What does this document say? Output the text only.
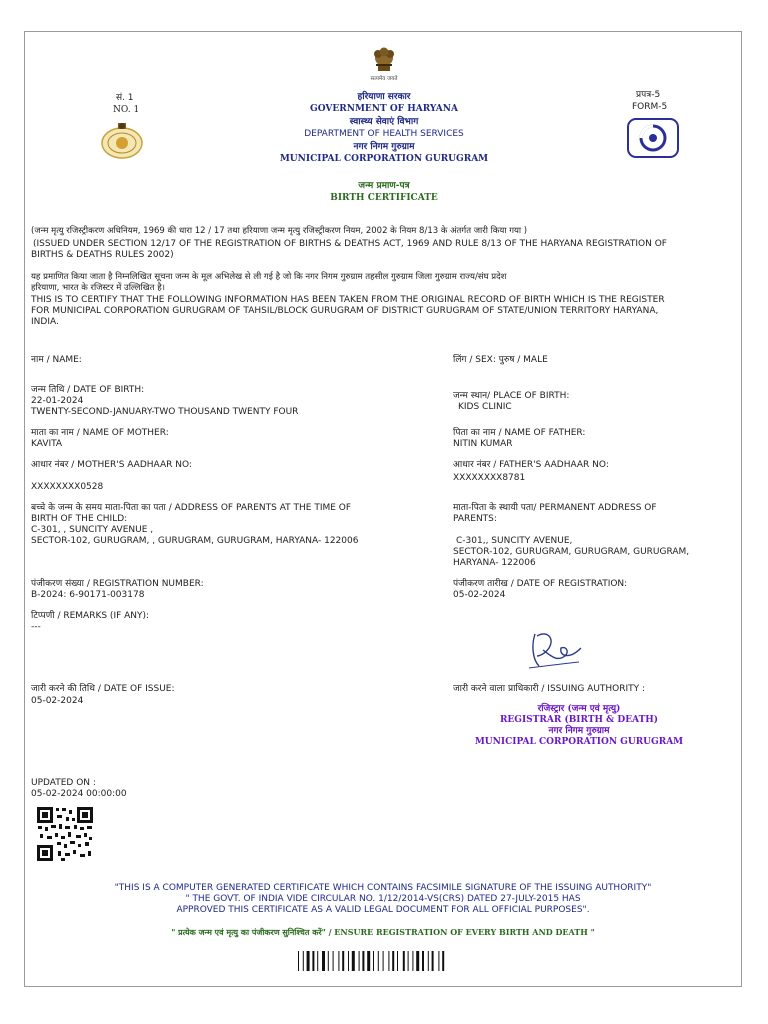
सत्यमेव जयते
सं. 1
NO. 1
हरियाणा सरकार
GOVERNMENT OF HARYANA
स्वास्थ्य सेवाएं विभाग
DEPARTMENT OF HEALTH SERVICES
नगर निगम गुरुग्राम
MUNICIPAL CORPORATION GURUGRAM
जन्म प्रमाण-पत्र
BIRTH CERTIFICATE
प्रपत्र-5
FORM-5
(जन्म मृत्यु रजिस्ट्रीकरण अधिनियम, 1969 की धारा 12 / 17 तथा हरियाणा जन्म मृत्यु रजिस्ट्रीकरण नियम, 2002 के नियम 8/13 के अंतर्गत जारी किया गया )
(ISSUED UNDER SECTION 12/17 OF THE REGISTRATION OF BIRTHS & DEATHS ACT, 1969 AND RULE 8/13 OF THE HARYANA REGISTRATION OF
BIRTHS & DEATHS RULES 2002)
यह प्रमाणित किया जाता है निम्नलिखित सूचना जन्म के मूल अभिलेख से ली गई है जो कि नगर निगम गुरुग्राम तहसील गुरुग्राम जिला गुरुग्राम राज्य/संघ प्रदेश
हरियाणा, भारत के रजिस्टर में उल्लिखित है।
THIS IS TO CERTIFY THAT THE FOLLOWING INFORMATION HAS BEEN TAKEN FROM THE ORIGINAL RECORD OF BIRTH WHICH IS THE REGISTER
FOR MUNICIPAL CORPORATION GURUGRAM OF TAHSIL/BLOCK GURUGRAM OF DISTRICT GURUGRAM OF STATE/UNION TERRITORY HARYANA,
INDIA.
नाम / NAME:
जन्म तिथि / DATE OF BIRTH:
22-01-2024
TWENTY-SECOND-JANUARY-TWO THOUSAND TWENTY FOUR
माता का नाम / NAME OF MOTHER:
KAVITA
आधार नंबर / MOTHER'S AADHAAR NO:
XXXXXXXX0528
बच्चे के जन्म के समय माता-पिता का पता / ADDRESS OF PARENTS AT THE TIME OF
BIRTH OF THE CHILD:
C-301, , SUNCITY AVENUE ,
SECTOR-102, GURUGRAM, , GURUGRAM, GURUGRAM, HARYANA- 122006
पंजीकरण संख्या / REGISTRATION NUMBER:
B-2024: 6-90171-003178
टिप्पणी / REMARKS (IF ANY):
---
जारी करने की तिथि / DATE OF ISSUE:
05-02-2024
UPDATED ON :
05-02-2024 00:00:00
लिंग / SEX: पुरुष / MALE
जन्म स्थान/ PLACE OF BIRTH:
KIDS CLINIC
पिता का नाम / NAME OF FATHER:
NITIN KUMAR
आधार नंबर / FATHER'S AADHAAR NO:
XXXXXXXX8781
माता-पिता के स्थायी पता/ PERMANENT ADDRESS OF
PARENTS:
C-301,, SUNCITY AVENUE,
SECTOR-102, GURUGRAM, GURUGRAM, GURUGRAM,
HARYANA- 122006
पंजीकरण तारीख / DATE OF REGISTRATION:
05-02-2024
जारी करने वाला प्राधिकारी / ISSUING AUTHORITY :
रजिस्ट्रार (जन्म एवं मृत्यु)
REGISTRAR (BIRTH & DEATH)
नगर निगम गुरुग्राम
MUNICIPAL CORPORATION GURUGRAM
"THIS IS A COMPUTER GENERATED CERTIFICATE WHICH CONTAINS FACSIMILE SIGNATURE OF THE ISSUING AUTHORITY"
" THE GOVT. OF INDIA VIDE CIRCULAR NO. 1/12/2014-VS(CRS) DATED 27-JULY-2015 HAS
APPROVED THIS CERTIFICATE AS A VALID LEGAL DOCUMENT FOR ALL OFFICIAL PURPOSES".
" प्रत्येक जन्म एवं मृत्यु का पंजीकरण सुनिश्चित करें" / ENSURE REGISTRATION OF EVERY BIRTH AND DEATH "
